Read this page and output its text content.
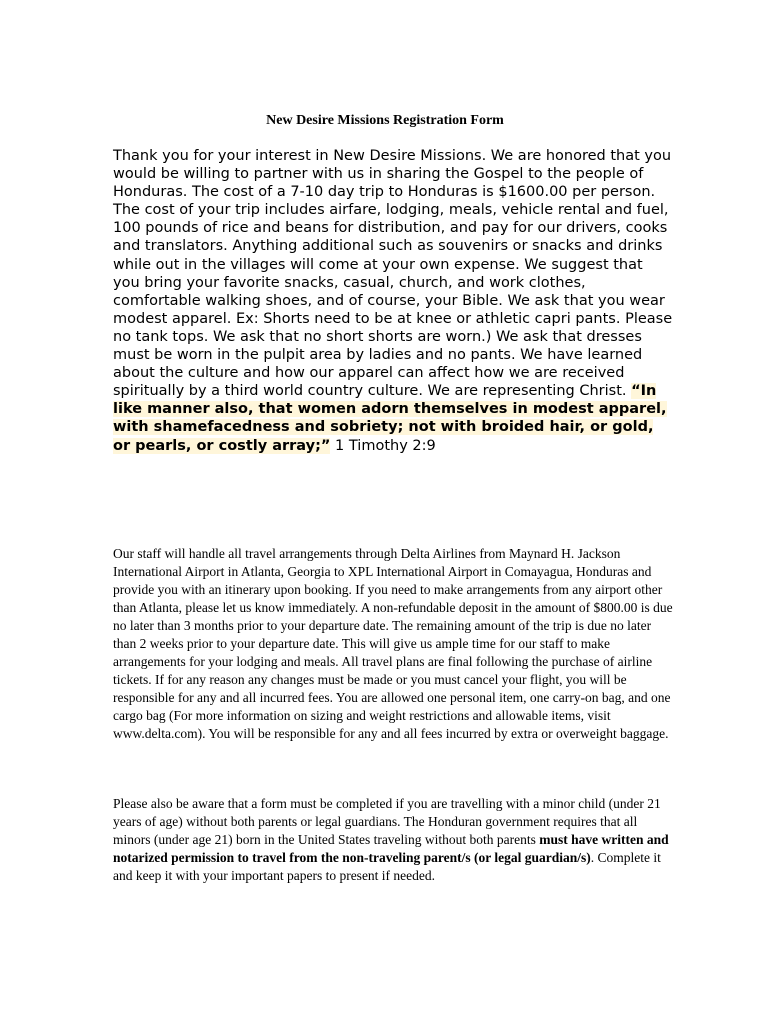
New Desire Missions Registration Form
Thank you for your interest in New Desire Missions. We are honored that you would be willing to partner with us in sharing the Gospel to the people of Honduras. The cost of a 7-10 day trip to Honduras is $1600.00 per person. The cost of your trip includes airfare, lodging, meals, vehicle rental and fuel, 100 pounds of rice and beans for distribution, and pay for our drivers, cooks and translators. Anything additional such as souvenirs or snacks and drinks while out in the villages will come at your own expense. We suggest that you bring your favorite snacks, casual, church, and work clothes, comfortable walking shoes, and of course, your Bible. We ask that you wear modest apparel. Ex: Shorts need to be at knee or athletic capri pants. Please no tank tops. We ask that no short shorts are worn.) We ask that dresses must be worn in the pulpit area by ladies and no pants. We have learned about the culture and how our apparel can affect how we are received spiritually by a third world country culture. We are representing Christ. “In like manner also, that women adorn themselves in modest apparel, with shamefacedness and sobriety; not with broided hair, or gold, or pearls, or costly array;” 1 Timothy 2:9
Our staff will handle all travel arrangements through Delta Airlines from Maynard H. Jackson International Airport in Atlanta, Georgia to XPL International Airport in Comayagua, Honduras and provide you with an itinerary upon booking. If you need to make arrangements from any airport other than Atlanta, please let us know immediately. A non-refundable deposit in the amount of $800.00 is due no later than 3 months prior to your departure date. The remaining amount of the trip is due no later than 2 weeks prior to your departure date. This will give us ample time for our staff to make arrangements for your lodging and meals. All travel plans are final following the purchase of airline tickets. If for any reason any changes must be made or you must cancel your flight, you will be responsible for any and all incurred fees. You are allowed one personal item, one carry-on bag, and one cargo bag (For more information on sizing and weight restrictions and allowable items, visit www.delta.com). You will be responsible for any and all fees incurred by extra or overweight baggage.
Please also be aware that a form must be completed if you are travelling with a minor child (under 21 years of age) without both parents or legal guardians. The Honduran government requires that all minors (under age 21) born in the United States traveling without both parents must have written and notarized permission to travel from the non-traveling parent/s (or legal guardian/s). Complete it and keep it with your important papers to present if needed.
